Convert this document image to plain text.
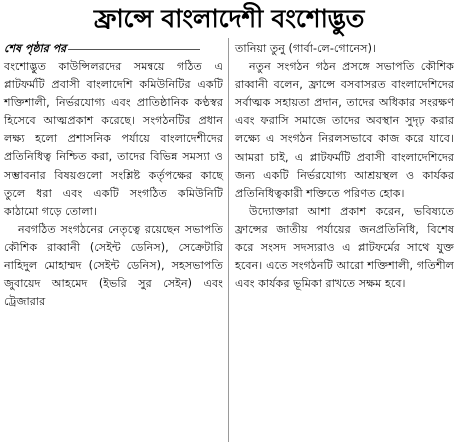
ফ্রান্সে বাংলাদেশী বংশোদ্ভুত
শেষ পৃষ্ঠার পর

বংশোদ্ভুত কাউন্সিলরদের সমন্বয়ে গঠিত এ প্লাটফর্মটি প্রবাসী বাংলাদেশি কমিউনিটির একটি শক্তিশালী, নির্ভরযোগ্য এবং প্রাতিষ্ঠানিক কণ্ঠস্বর হিসেবে আত্মপ্রকাশ করেছে। সংগঠনটির প্রধান লক্ষ্য হলো প্রশাসনিক পর্যায়ে বাংলাদেশীদের প্রতিনিধিত্ব নিশ্চিত করা, তাদের বিভিন্ন সমস্যা ও সম্ভাবনার বিষয়গুলো সংশ্লিষ্ট কর্তৃপক্ষের কাছে তুলে ধরা এবং একটি সংগঠিত কমিউনিটি কাঠামো গড়ে তোলা।

নবগঠিত সংগঠনের নেতৃত্বে রয়েছেন সভাপতি কৌশিক রাব্বানী (সেইন্ট ডেনিস), সেক্রেটারি নাহিদুল মোহাম্মদ (সেইন্ট ডেনিস), সহসভাপতি জুবায়েদ আহমেদ (ইভরি সুর সেইন) এবং ট্রেজারার

তানিয়া তুনু (গার্বা-লে-গোনেস)।

নতুন সংগঠন গঠন প্রসঙ্গে সভাপতি কৌশিক রাব্বানী বলেন, ফ্রান্সে বসবাসরত বাংলাদেশিদের সর্বাত্মক সহায়তা প্রদান, তাদের অধিকার সংরক্ষণ এবং ফরাসি সমাজে তাদের অবস্থান সুদৃঢ় করার লক্ষ্যে এ সংগঠন নিরলসভাবে কাজ করে যাবে। আমরা চাই, এ প্লাটফর্মটি প্রবাসী বাংলাদেশিদের জন্য একটি নির্ভরযোগ্য আশ্রয়স্থল ও কার্যকর প্রতিনিধিত্বকারী শক্তিতে পরিণত হোক।

উদ্যোক্তারা আশা প্রকাশ করেন, ভবিষ্যতে ফ্রান্সের জাতীয় পর্যায়ের জনপ্রতিনিধি, বিশেষ করে সংসদ সদস্যরাও এ প্লাটফর্মের সাথে যুক্ত হবেন। এতে সংগঠনটি আরো শক্তিশালী, গতিশীল এবং কার্যকর ভূমিকা রাখতে সক্ষম হবে।
